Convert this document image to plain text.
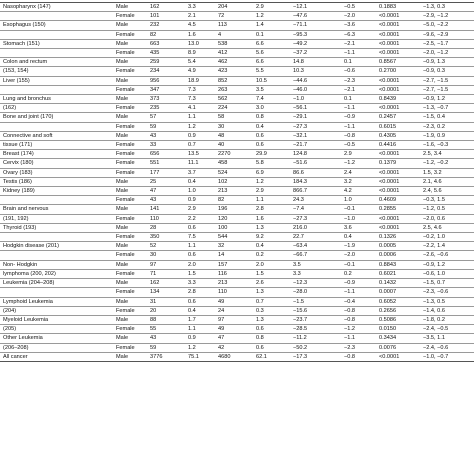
Nasopharynx (147)	Male	162	3.3	204	2.9	−12.1	−0.5	0.1883	−1.3, 0.3
	Female	101	2.1	72	1.2	−47.6	−2.0	<0.0001	−2.9, −1.2
Esophagus (150)	Male	232	4.5	113	1.4	−71.1	−3.6	<0.0001	−5.0, −2.2
	Female	82	1.6	4	0.1	−95.3	−6.3	<0.0001	−9.6, −2.9
Stomach (151)	Male	663	13.0	538	6.6	−49.2	−2.1	<0.0001	−2.5, −1.7
	Female	435	8.9	412	5.6	−37.2	−1.1	<0.0001	−2.0, −1.2
Colon and rectum	Male	259	5.4	462	6.6	14.8	0.1	0.8567	−0.9, 1.3
(153, 154)	Female	234	4.9	423	5.5	10.3	−0.6	0.2700	−0.9, 0.3
Liver (155)	Male	956	18.9	852	10.5	−44.6	−2.3	<0.0001	−2.7, −1.5
	Female	347	7.3	263	3.5	−46.0	−2.1	<0.0001	−2.7, −1.5
Lung and bronchus	Male	373	7.3	562	7.4	−1.0	0.1	0.8439	−0.9, 1.2
(162)	Female	235	4.1	224	3.0	−56.1	−1.1	<0.0001	−1.3, −0.7
Bone and joint (170)	Male	57	1.1	58	0.8	−29.1	−0.9	0.2457	−1.5, 0.4
	Female	59	1.2	30	0.4	−27.3	−1.1	0.6015	−2.3, 0.2
Connective and soft	Male	43	0.9	48	0.6	−32.1	−0.8	0.4305	−1.9, 0.9
tissue (171)	Female	33	0.7	40	0.6	−21.7	−0.5	0.4416	−1.6, −0.3
Breast (174)	Female	656	13.5	2270	29.9	124.8	2.9	<0.0001	2.5, 3.4
Cervix (180)	Female	551	11.1	458	5.8	−51.6	−1.2	0.1379	−1.2, −0.2
Ovary (183)	Female	177	3.7	524	6.9	86.6	2.4	<0.0001	1.5, 3.2
Testis (186)	Male	25	0.4	102	1.2	184.3	3.2	<0.0001	2.1, 4.6
Kidney (189)	Male	47	1.0	213	2.9	866.7	4.2	<0.0001	2.4, 5.6
	Female	43	0.9	82	1.1	24.3	1.0	0.4609	−0.3, 1.5
Brain and nervous	Male	141	2.9	196	2.8	−7.4	−0.1	0.2855	−1.2, 0.5
(191, 192)	Female	110	2.2	120	1.6	−27.3	−1.0	<0.0001	−2.0, 0.6
Thyroid (193)	Male	28	0.6	100	1.3	216.0	3.6	<0.0001	2.5, 4.6
	Female	350	7.5	544	9.2	22.7	0.4	0.1326	−0.2, 1.0
Hodgkin disease (201)	Male	52	1.1	32	0.4	−63.4	−1.9	0.0005	−2.2, 1.4
	Female	30	0.6	14	0.2	−66.7	−2.0	0.0006	−2.6, −0.6
Non- Hodgkin	Male	97	2.0	157	2.0	3.5	−0.1	0.8843	−0.9, 1.2
lymphoma (200, 202)	Female	71	1.5	116	1.5	3.3	0.2	0.6021	−0.6, 1.0
Leukemia (204–208)	Male	162	3.3	213	2.6	−12.3	−0.9	0.1432	−1.5, 0.7
	Female	134	2.8	110	1.3	−28.0	−1.1	0.0007	−2.3, −0.6
Lymphoid Leukemia	Male	31	0.6	49	0.7	−1.5	−0.4	0.6052	−1.3, 0.5
(204)	Female	20	0.4	24	0.3	−15.6	−0.8	0.2656	−1.4, 0.6
Myeloid Leukemia	Male	88	1.7	97	1.3	−23.7	−0.8	0.5086	−1.8, 0.2
(205)	Female	55	1.1	49	0.6	−28.5	−1.2	0.0150	−2.4, −0.5
Other Leukemia	Male	43	0.9	47	0.8	−11.2	−1.1	0.3434	−3.5, 1.1
(206–208)	Female	59	1.2	42	0.6	−50.2	−2.3	0.0076	−2.4, −0.6
All cancer	Male	3776	75.1	4680	62.1	−17.3	−0.8	<0.0001	−1.0, −0.7
